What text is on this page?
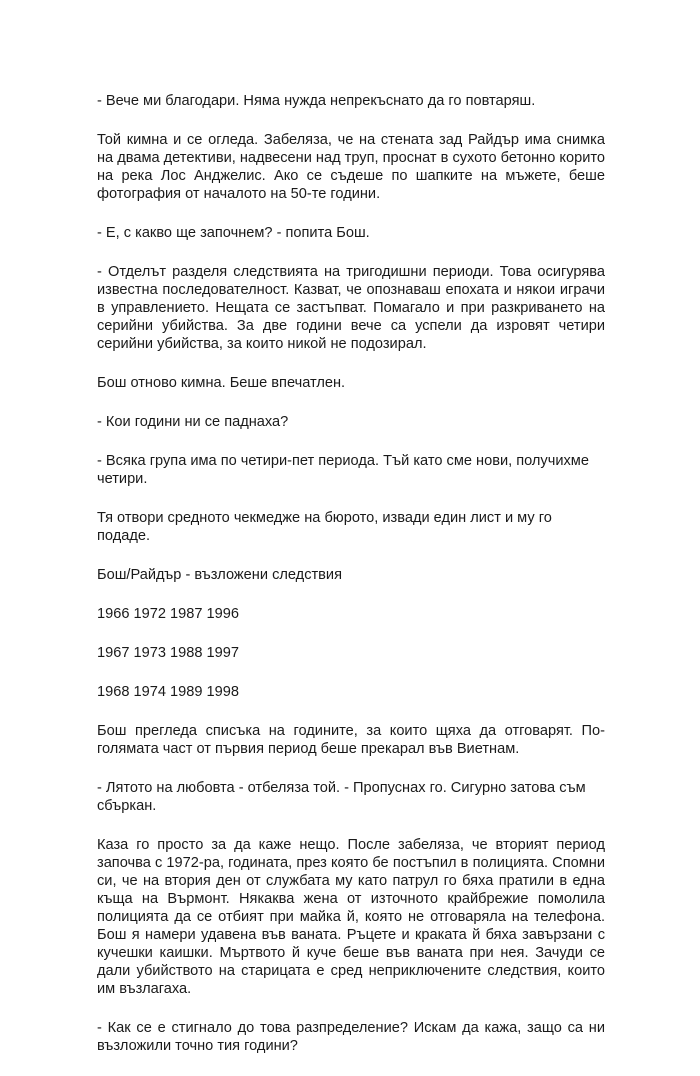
- Вече ми благодари. Няма нужда непрекъснато да го повтаряш.

Той кимна и се огледа. Забеляза, че на стената зад Райдър има снимка на двама детективи, надвесени над труп, проснат в сухото бетонно корито на река Лос Анджелис. Ако се съдеше по шапките на мъжете, беше фотография от началото на 50-те години.

- Е, с какво ще започнем? - попита Бош.

- Отделът разделя следствията на тригодишни периоди. Това осигурява известна последователност. Казват, че опознаваш епохата и някои играчи в управлението. Нещата се застъпват. Помагало и при разкриването на серийни убийства. За две години вече са успели да изровят четири серийни убийства, за които никой не подозирал.

Бош отново кимна. Беше впечатлен.

- Кои години ни се паднаха?

- Всяка група има по четири-пет периода. Тъй като сме нови, получихме четири.

Тя отвори средното чекмедже на бюрото, извади един лист и му го подаде.

Бош/Райдър - възложени следствия

1966 1972 1987 1996

1967 1973 1988 1997

1968 1974 1989 1998

Бош прегледа списъка на годините, за които щяха да отговарят. По-голямата част от първия период беше прекарал във Виетнам.

- Лятото на любовта - отбеляза той. - Пропуснах го. Сигурно затова съм сбъркан.

Каза го просто за да каже нещо. После забеляза, че вторият период започва с 1972-ра, годината, през която бе постъпил в полицията. Спомни си, че на втория ден от службата му като патрул го бяха пратили в една къща на Върмонт. Някаква жена от източното крайбрежие помолила полицията да се отбият при майка й, която не отговаряла на телефона. Бош я намери удавена във ваната. Ръцете и краката й бяха завързани с кучешки каишки. Мъртвото й куче беше във ваната при нея. Зачуди се дали убийството на старицата е сред неприключените следствия, които им възлагаха.

- Как се е стигнало до това разпределение? Искам да кажа, защо са ни възложили точно тия години?
